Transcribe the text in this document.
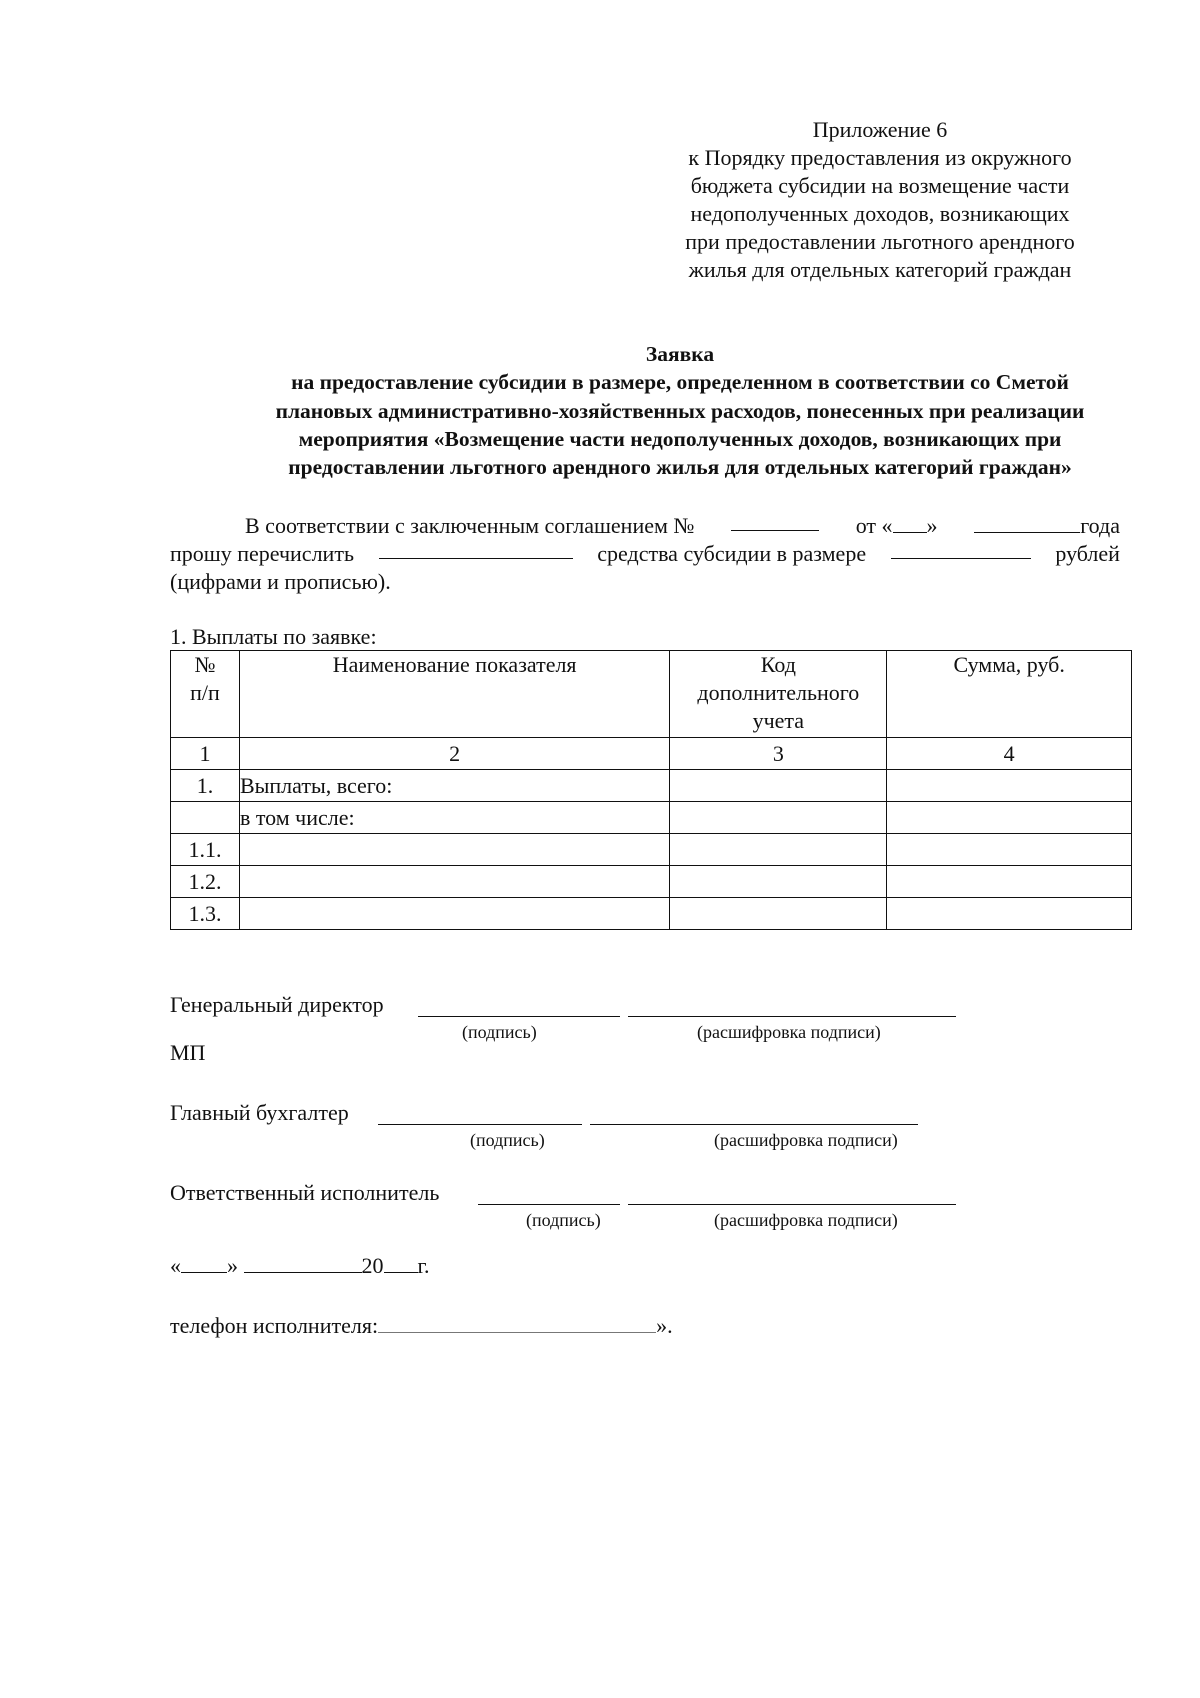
Приложение 6
к Порядку предоставления из окружного
бюджета субсидии на возмещение части
недополученных доходов, возникающих
при предоставлении льготного арендного
жилья для отдельных категорий граждан
Заявка
на предоставление субсидии в размере, определенном в соответствии со Сметой
плановых административно-хозяйственных расходов, понесенных при реализации
мероприятия «Возмещение части недополученных доходов, возникающих при
предоставлении льготного арендного жилья для отдельных категорий граждан»
В соответствии с заключенным соглашением №	от « »	года
прошу перечислить	средства субсидии в размере	рублей
(цифрами и прописью).
1. Выплаты по заявке:
№ п/п	Наименование показателя	Код дополнительного учета	Сумма, руб.
1	2	3	4
1.	Выплаты, всего:		
	в том числе:		
1.1.			
1.2.			
1.3.			
Генеральный директор
(подпись)	(расшифровка подписи)
МП
Главный бухгалтер
(подпись)	(расшифровка подписи)
Ответственный исполнитель
(подпись)	(расшифровка подписи)
« »	20 г.
телефон исполнителя:	».
